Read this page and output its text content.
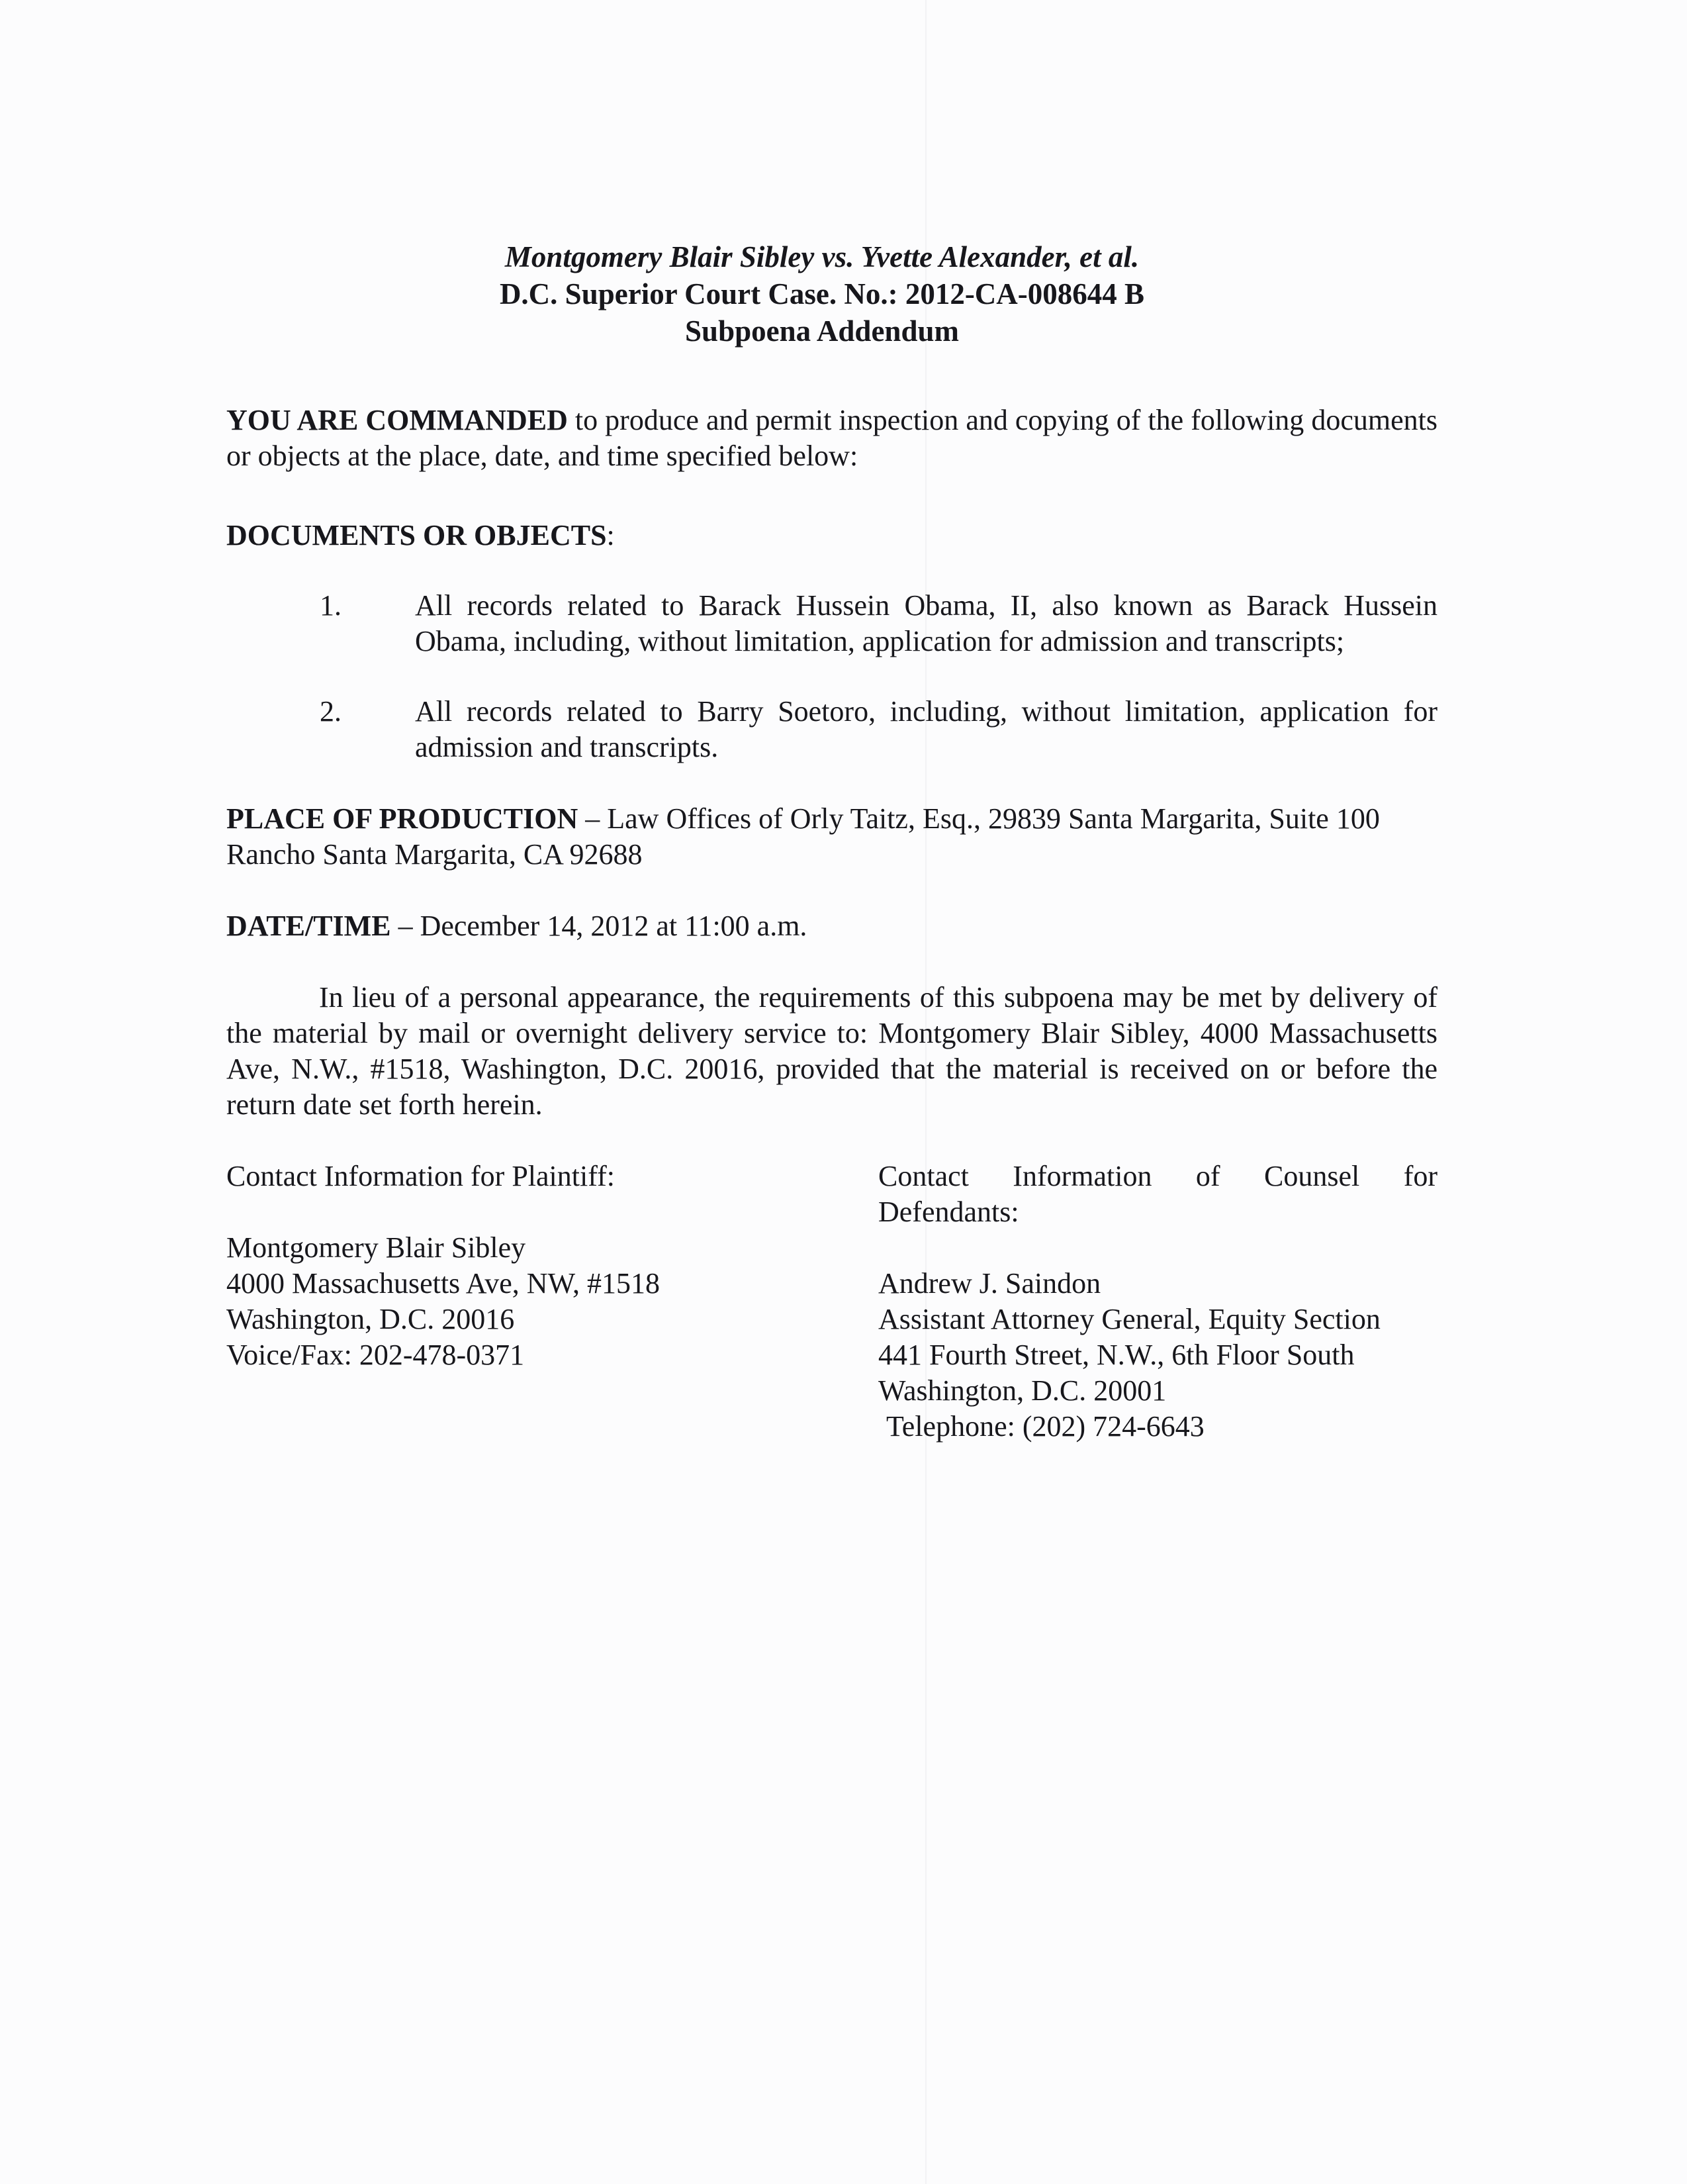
Montgomery Blair Sibley vs. Yvette Alexander, et al.
D.C. Superior Court Case. No.: 2012-CA-008644 B
Subpoena Addendum

YOU ARE COMMANDED to produce and permit inspection and copying of the following documents or objects at the place, date, and time specified below:

DOCUMENTS OR OBJECTS:

1.	All records related to Barack Hussein Obama, II, also known as Barack Hussein Obama, including, without limitation, application for admission and transcripts;
2.	All records related to Barry Soetoro, including, without limitation, application for admission and transcripts.

PLACE OF PRODUCTION – Law Offices of Orly Taitz, Esq., 29839 Santa Margarita, Suite 100 Rancho Santa Margarita, CA 92688

DATE/TIME – December 14, 2012 at 11:00 a.m.

In lieu of a personal appearance, the requirements of this subpoena may be met by delivery of the material by mail or overnight delivery service to: Montgomery Blair Sibley, 4000 Massachusetts Ave, N.W., #1518, Washington, D.C. 20016, provided that the material is received on or before the return date set forth herein.

Contact Information for Plaintiff:
Montgomery Blair Sibley
4000 Massachusetts Ave, NW, #1518
Washington, D.C. 20016
Voice/Fax: 202-478-0371
Contact Information of Counsel for Defendants:
Andrew J. Saindon
Assistant Attorney General, Equity Section
441 Fourth Street, N.W., 6th Floor South
Washington, D.C. 20001
Telephone: (202) 724-6643
